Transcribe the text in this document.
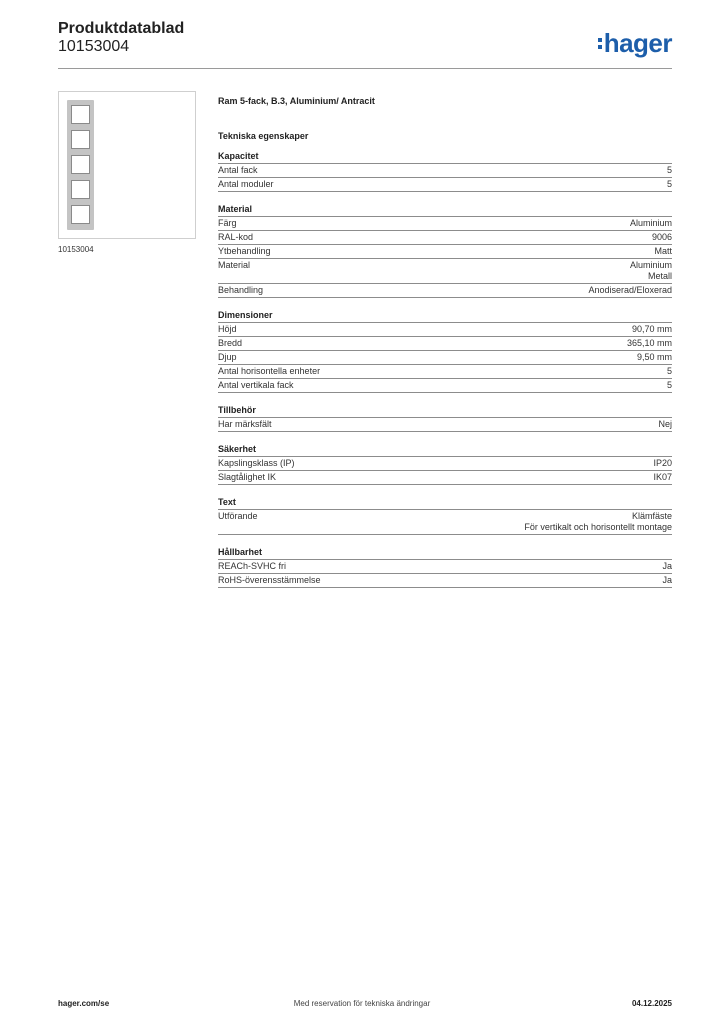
Produktdatablad
10153004	hager
10153004
Ram 5-fack, B.3, Aluminium/ Antracit
Tekniska egenskaper
Kapacitet
Antal fack	5
Antal moduler	5
Material
Färg	Aluminium
RAL-kod	9006
Ytbehandling	Matt
Material	Aluminium
Metall
Behandling	Anodiserad/Eloxerad
Dimensioner
Höjd	90,70 mm
Bredd	365,10 mm
Djup	9,50 mm
Antal horisontella enheter	5
Antal vertikala fack	5
Tillbehör
Har märksfält	Nej
Säkerhet
Kapslingsklass (IP)	IP20
Slagtålighet IK	IK07
Text
Utförande	Klämfäste
För vertikalt och horisontellt montage
Hållbarhet
REACh-SVHC fri	Ja
RoHS-överensstämmelse	Ja
hager.com/se	Med reservation för tekniska ändringar	04.12.2025
